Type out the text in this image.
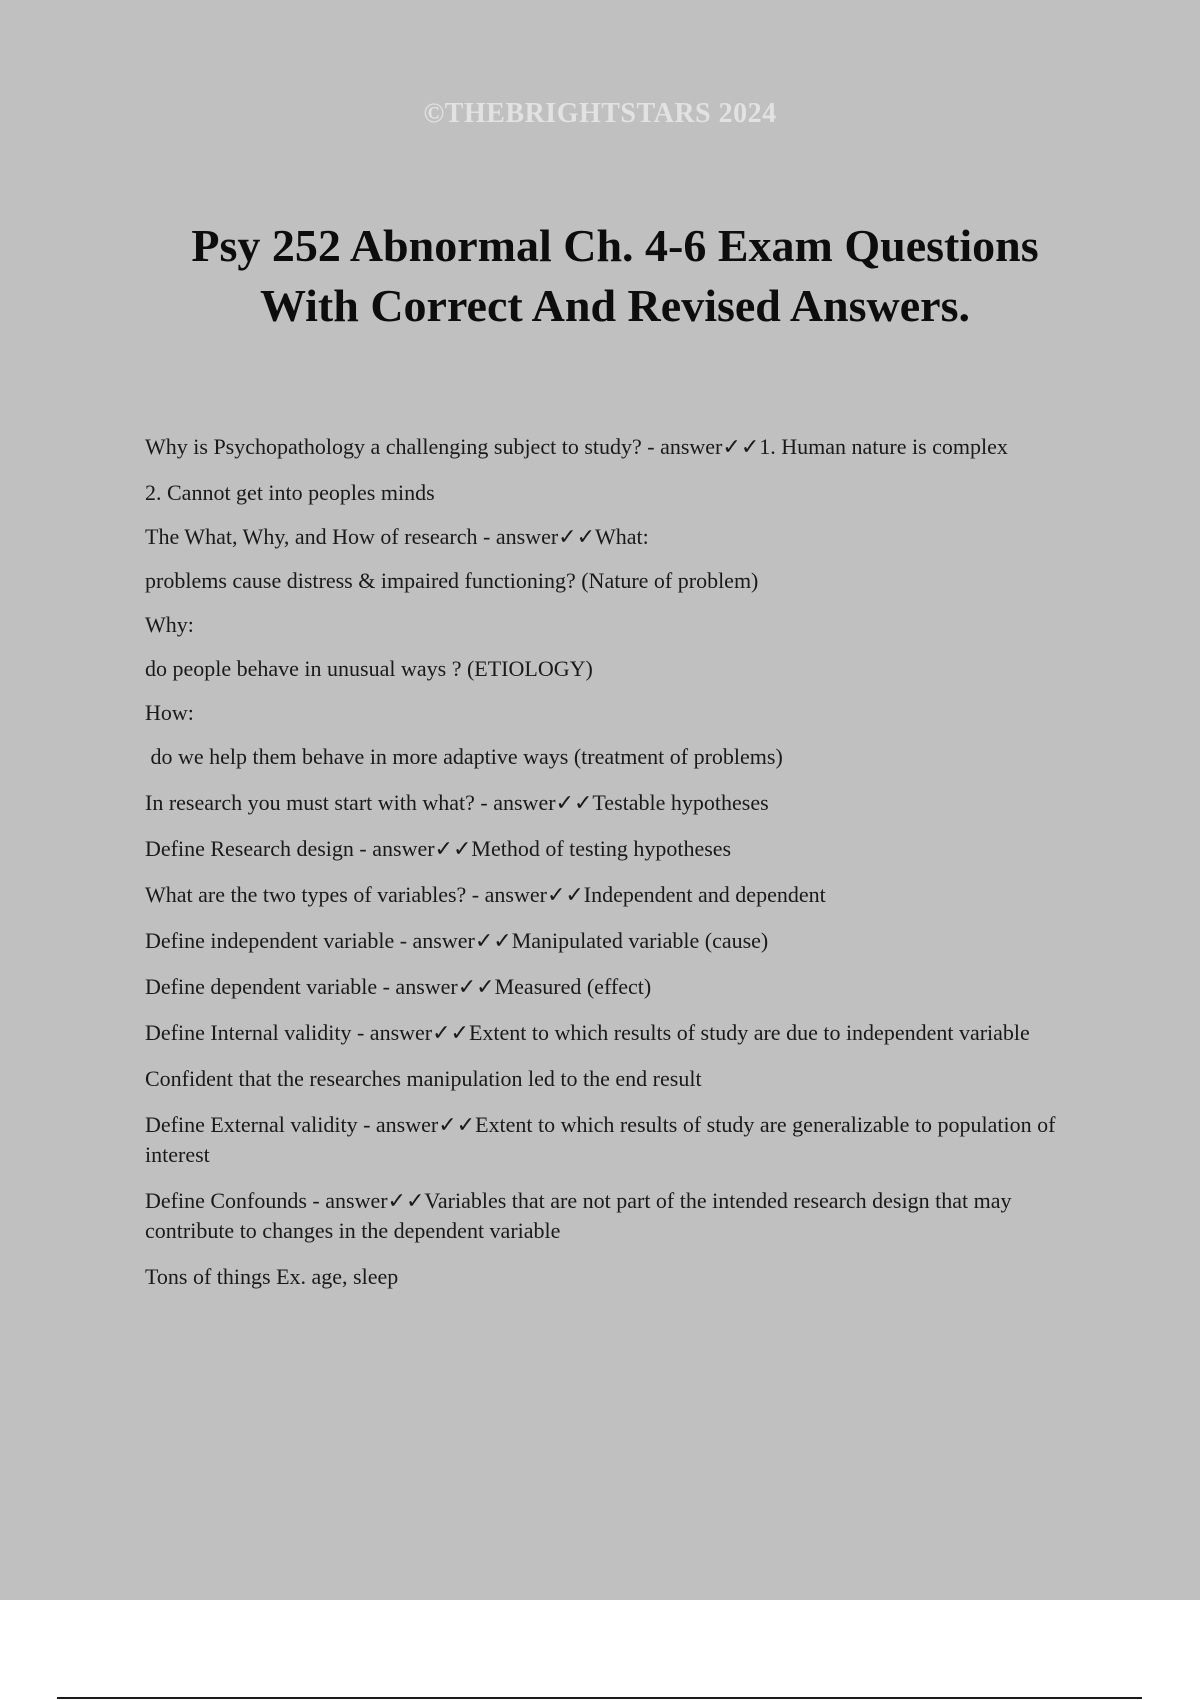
©THEBRIGHTSTARS 2024
Psy 252 Abnormal Ch. 4-6 Exam Questions
With Correct And Revised Answers.

Why is Psychopathology a challenging subject to study? - answer✓✓1. Human nature is complex

2. Cannot get into peoples minds

The What, Why, and How of research - answer✓✓What:

problems cause distress & impaired functioning? (Nature of problem)

Why:

do people behave in unusual ways ? (ETIOLOGY)

How:

do we help them behave in more adaptive ways (treatment of problems)

In research you must start with what? - answer✓✓Testable hypotheses

Define Research design - answer✓✓Method of testing hypotheses

What are the two types of variables? - answer✓✓Independent and dependent

Define independent variable - answer✓✓Manipulated variable (cause)

Define dependent variable - answer✓✓Measured (effect)

Define Internal validity - answer✓✓Extent to which results of study are due to independent variable

Confident that the researches manipulation led to the end result

Define External validity - answer✓✓Extent to which results of study are generalizable to population of interest

Define Confounds - answer✓✓Variables that are not part of the intended research design that may contribute to changes in the dependent variable

Tons of things Ex. age, sleep
